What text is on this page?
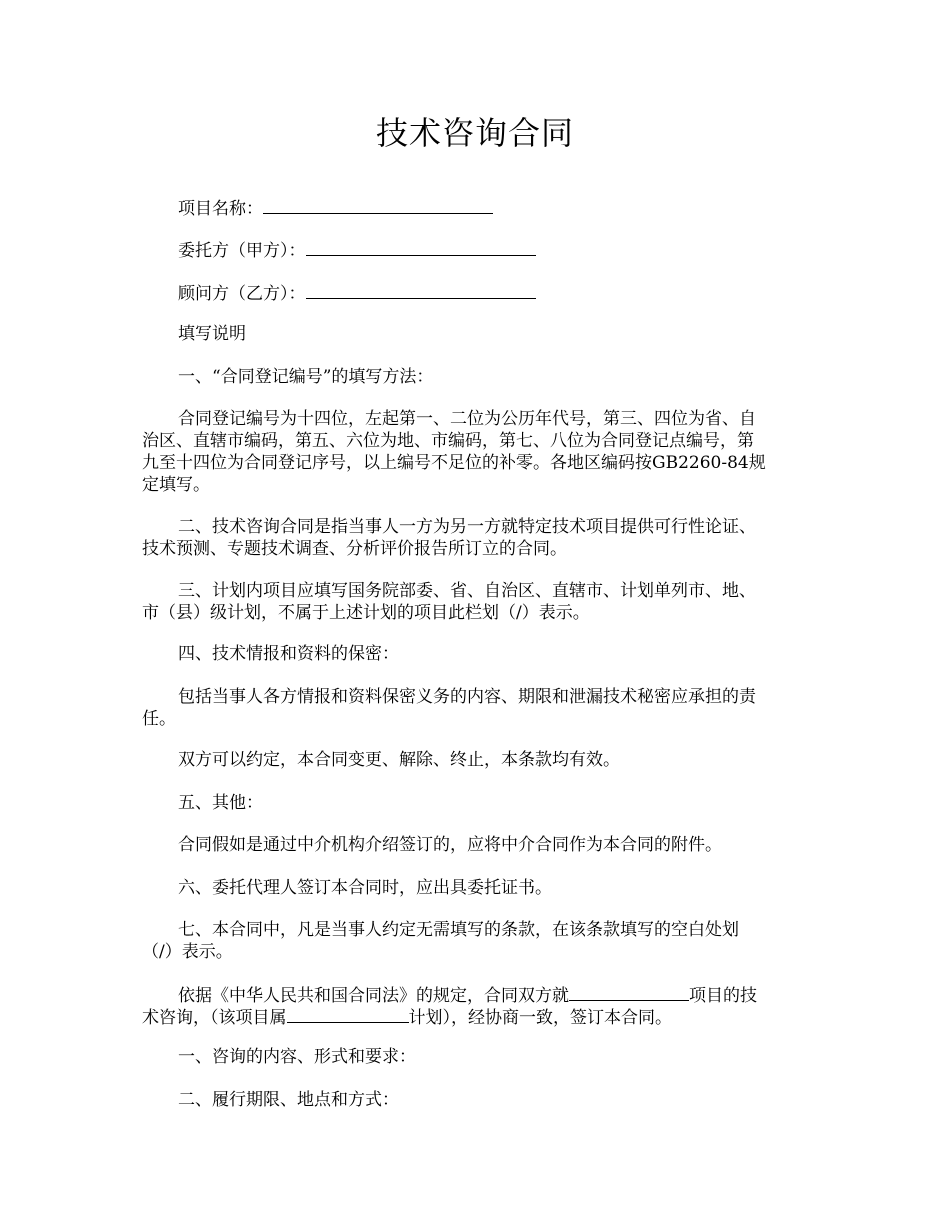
技术咨询合同
项目名称：
委托方（甲方）：
顾问方（乙方）：
填写说明
一、“合同登记编号”的填写方法：
合同登记编号为十四位，左起第一、二位为公历年代号，第三、四位为省、自
治区、直辖市编码，第五、六位为地、市编码，第七、八位为合同登记点编号，第
九至十四位为合同登记序号，以上编号不足位的补零。各地区编码按GB2260-84规
定填写。
二、技术咨询合同是指当事人一方为另一方就特定技术项目提供可行性论证、
技术预测、专题技术调查、分析评价报告所订立的合同。
三、计划内项目应填写国务院部委、省、自治区、直辖市、计划单列市、地、
市（县）级计划，不属于上述计划的项目此栏划（/）表示。
四、技术情报和资料的保密：
包括当事人各方情报和资料保密义务的内容、期限和泄漏技术秘密应承担的责
任。
双方可以约定，本合同变更、解除、终止，本条款均有效。
五、其他：
合同假如是通过中介机构介绍签订的，应将中介合同作为本合同的附件。
六、委托代理人签订本合同时，应出具委托证书。
七、本合同中，凡是当事人约定无需填写的条款，在该条款填写的空白处划
（/）表示。
依据《中华人民共和国合同法》的规定，合同双方就	项目的技
术咨询，（该项目属	计划），经协商一致，签订本合同。
一、咨询的内容、形式和要求：
二、履行期限、地点和方式：
